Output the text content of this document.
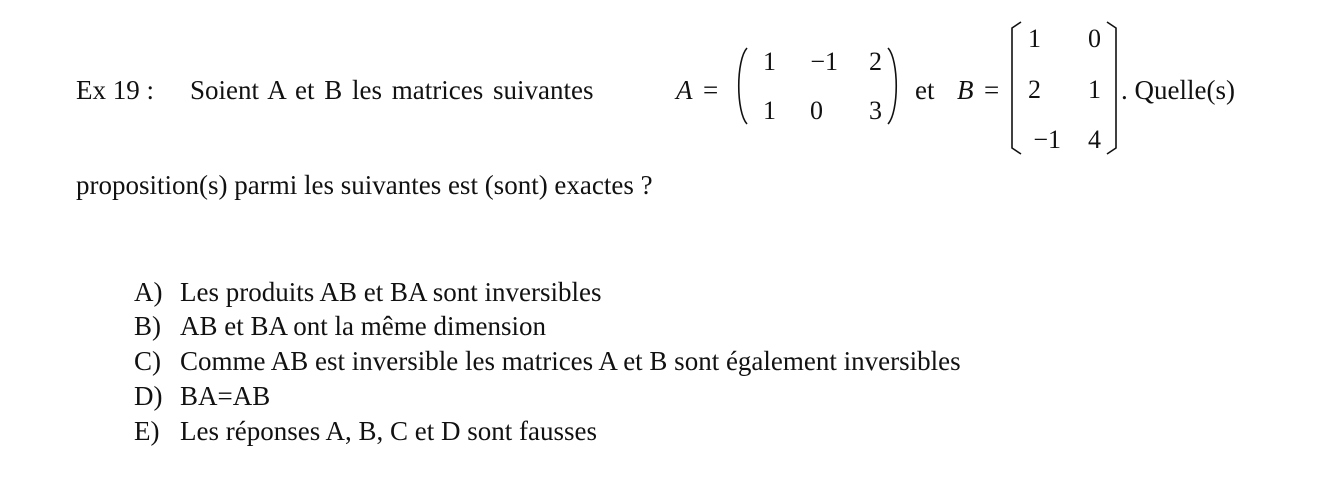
Ex 19 : Soient A et B les matrices suivantes	A =
1	−1	2
1	0	3
et B =
1	0
2	1
−1	4
. Quelle(s)
proposition(s) parmi les suivantes est (sont) exactes ?
A) Les produits AB et BA sont inversibles
B) AB et BA ont la même dimension
C) Comme AB est inversible les matrices A et B sont également inversibles
D) BA=AB
E) Les réponses A, B, C et D sont fausses
